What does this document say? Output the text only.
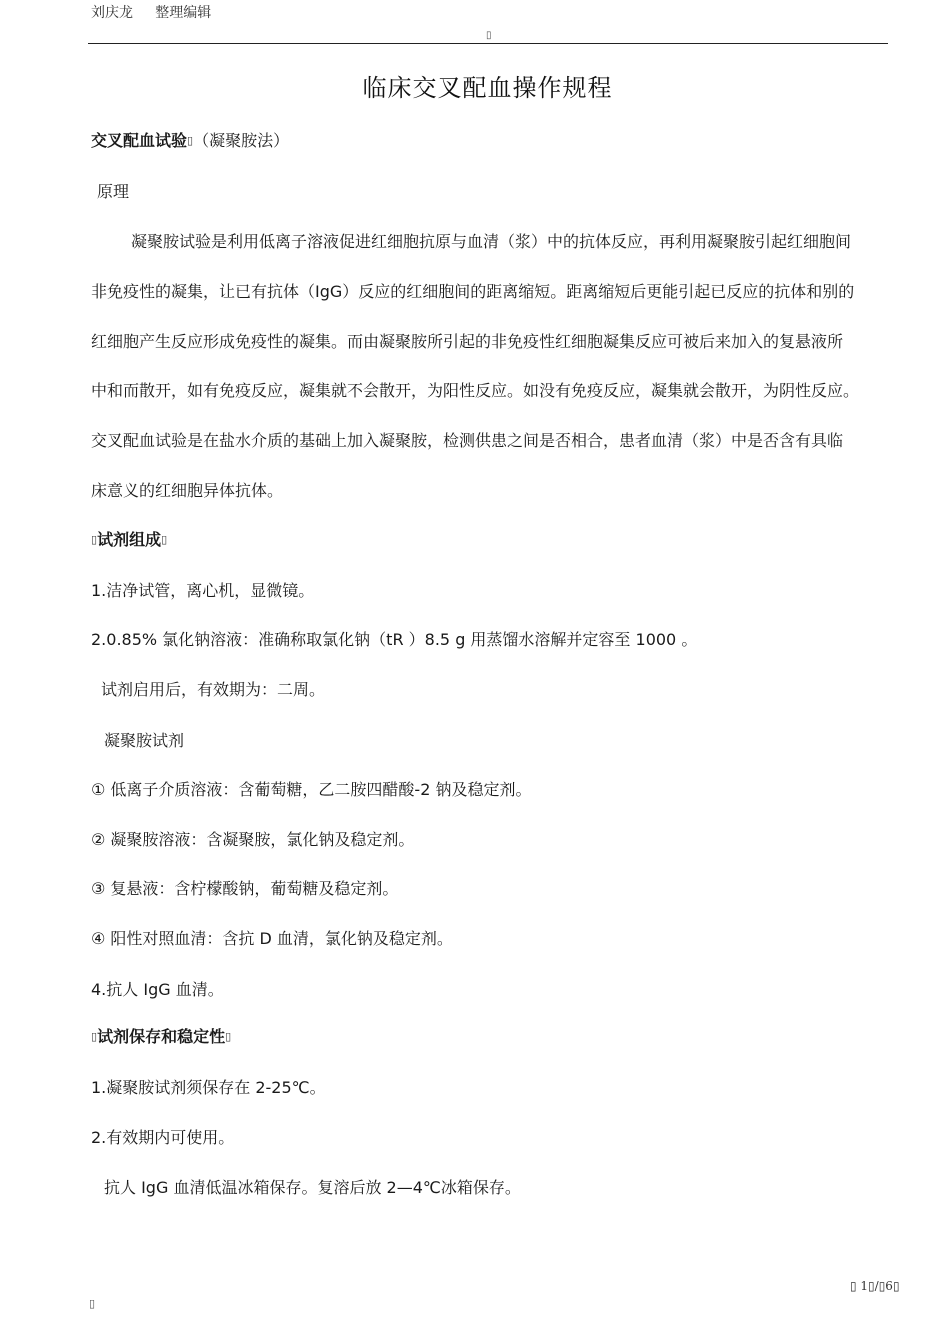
刘庆龙     整理编辑
▯
临床交叉配血操作规程
交叉配血试验▯（凝聚胺法）
原理
凝聚胺试验是利用低离子溶液促进红细胞抗原与血清（浆）中的抗体反应，再利用凝聚胺引起红细胞间
非免疫性的凝集，让已有抗体（IgG）反应的红细胞间的距离缩短。距离缩短后更能引起已反应的抗体和别的
红细胞产生反应形成免疫性的凝集。而由凝聚胺所引起的非免疫性红细胞凝集反应可被后来加入的复悬液所
中和而散开，如有免疫反应，凝集就不会散开，为阳性反应。如没有免疫反应，凝集就会散开，为阴性反应。
交叉配血试验是在盐水介质的基础上加入凝聚胺，检测供患之间是否相合，患者血清（浆）中是否含有具临
床意义的红细胞异体抗体。
▯试剂组成▯
1.洁净试管，离心机，显微镜。
2.0.85% 氯化钠溶液：准确称取氯化钠（tR ）8.5 g 用蒸馏水溶解并定容至 1000 。
试剂启用后，有效期为：二周。
凝聚胺试剂
① 低离子介质溶液：含葡萄糖，乙二胺四醋酸-2 钠及稳定剂。
② 凝聚胺溶液：含凝聚胺，氯化钠及稳定剂。
③ 复悬液：含柠檬酸钠，葡萄糖及稳定剂。
④ 阳性对照血清：含抗 D 血清，氯化钠及稳定剂。
4.抗人 IgG 血清。
▯试剂保存和稳定性▯
1.凝聚胺试剂须保存在 2-25℃。
2.有效期内可使用。
抗人 IgG 血清低温冰箱保存。复溶后放 2—4℃冰箱保存。
▯ 1▯/▯6▯
▯
